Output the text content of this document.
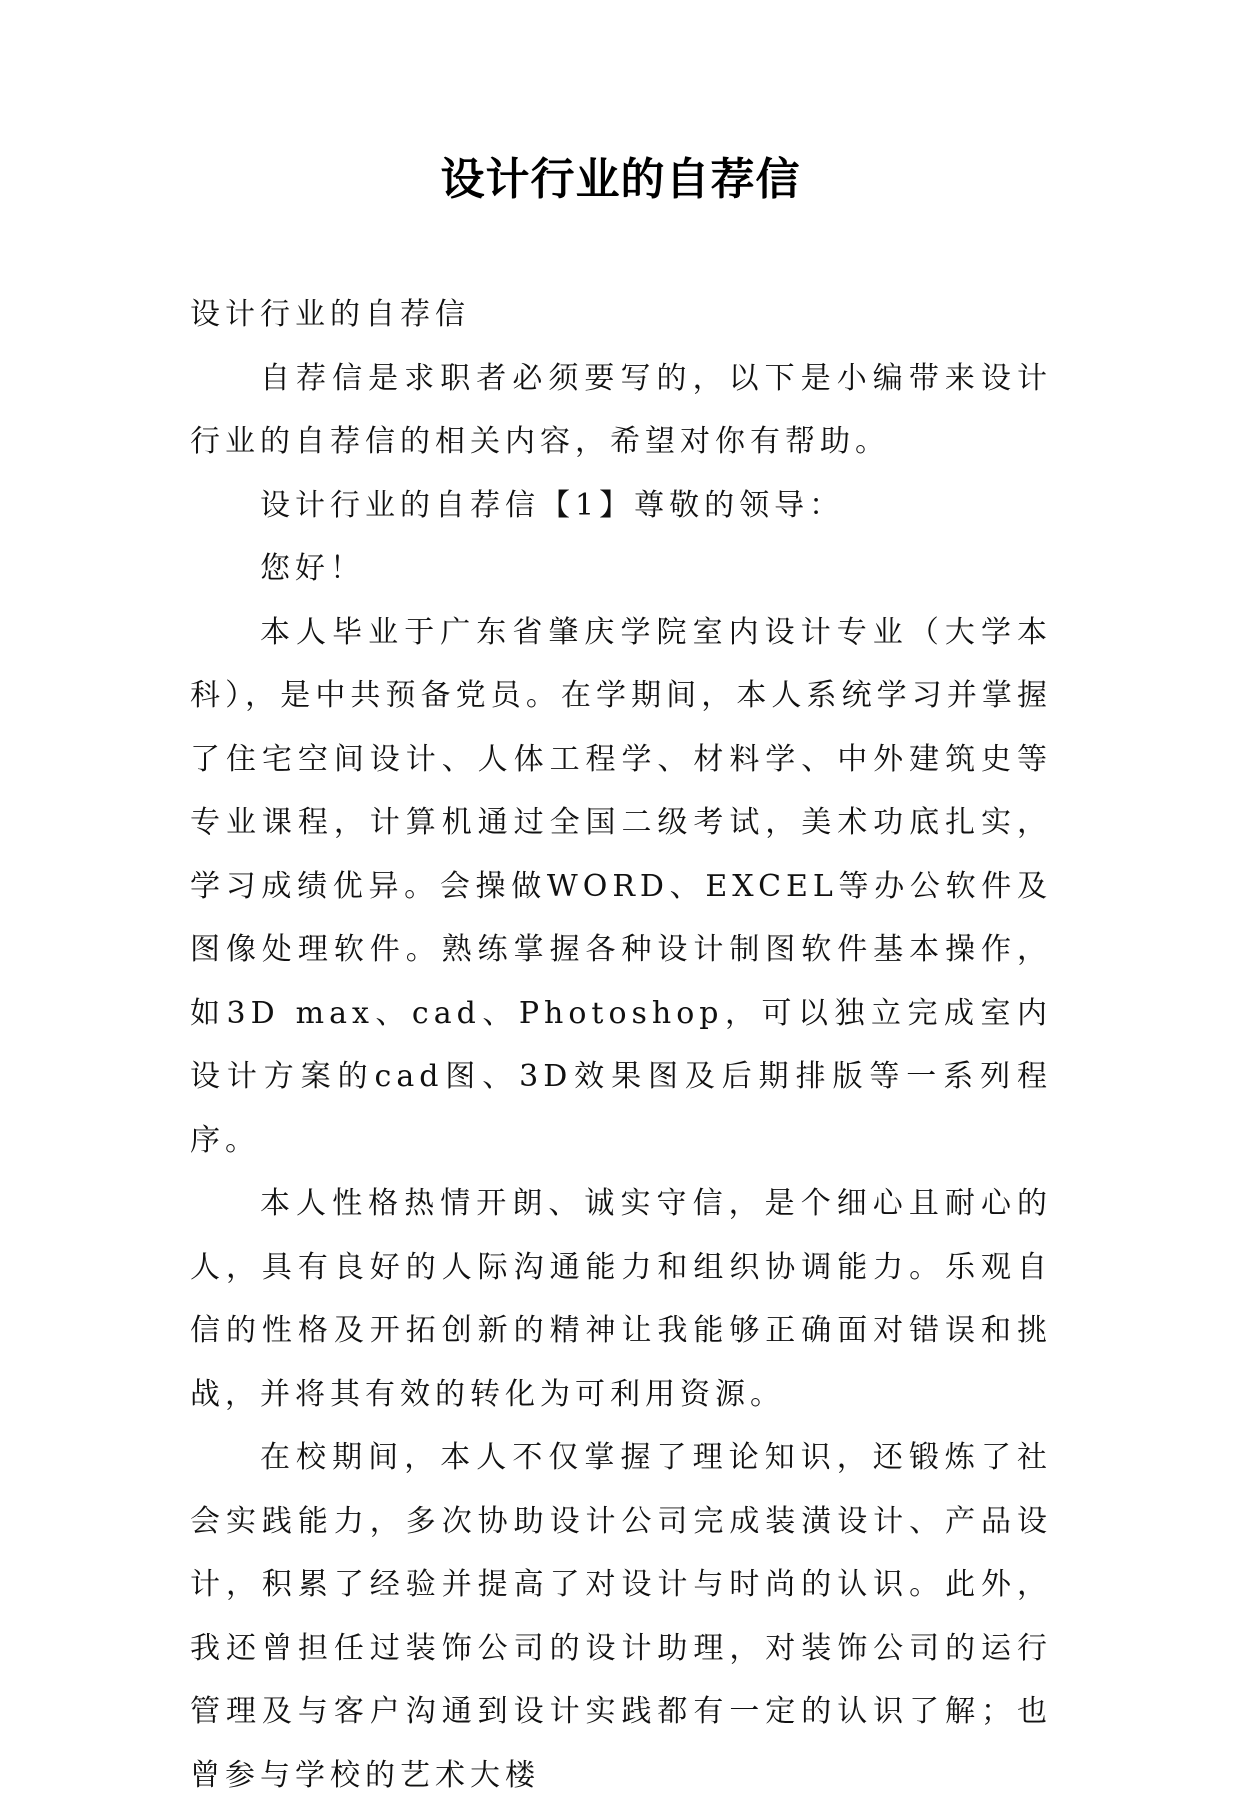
设计行业的自荐信

设计行业的自荐信

自荐信是求职者必须要写的，以下是小编带来设计行业的自荐信的相关内容，希望对你有帮助。

设计行业的自荐信【1】尊敬的领导：

您好！

本人毕业于广东省肇庆学院室内设计专业（大学本科），是中共预备党员。在学期间，本人系统学习并掌握了住宅空间设计、人体工程学、材料学、中外建筑史等专业课程，计算机通过全国二级考试，美术功底扎实，学习成绩优异。会操做WORD、EXCEL等办公软件及图像处理软件。熟练掌握各种设计制图软件基本操作，如3D max、cad、Photoshop，可以独立完成室内设计方案的cad图、3D效果图及后期排版等一系列程序。

本人性格热情开朗、诚实守信，是个细心且耐心的人，具有良好的人际沟通能力和组织协调能力。乐观自信的性格及开拓创新的精神让我能够正确面对错误和挑战，并将其有效的转化为可利用资源。

在校期间，本人不仅掌握了理论知识，还锻炼了社会实践能力，多次协助设计公司完成装潢设计、产品设计，积累了经验并提高了对设计与时尚的认识。此外，我还曾担任过装饰公司的设计助理，对装饰公司的运行管理及与客户沟通到设计实践都有一定的认识了解；也曾参与学校的艺术大楼
